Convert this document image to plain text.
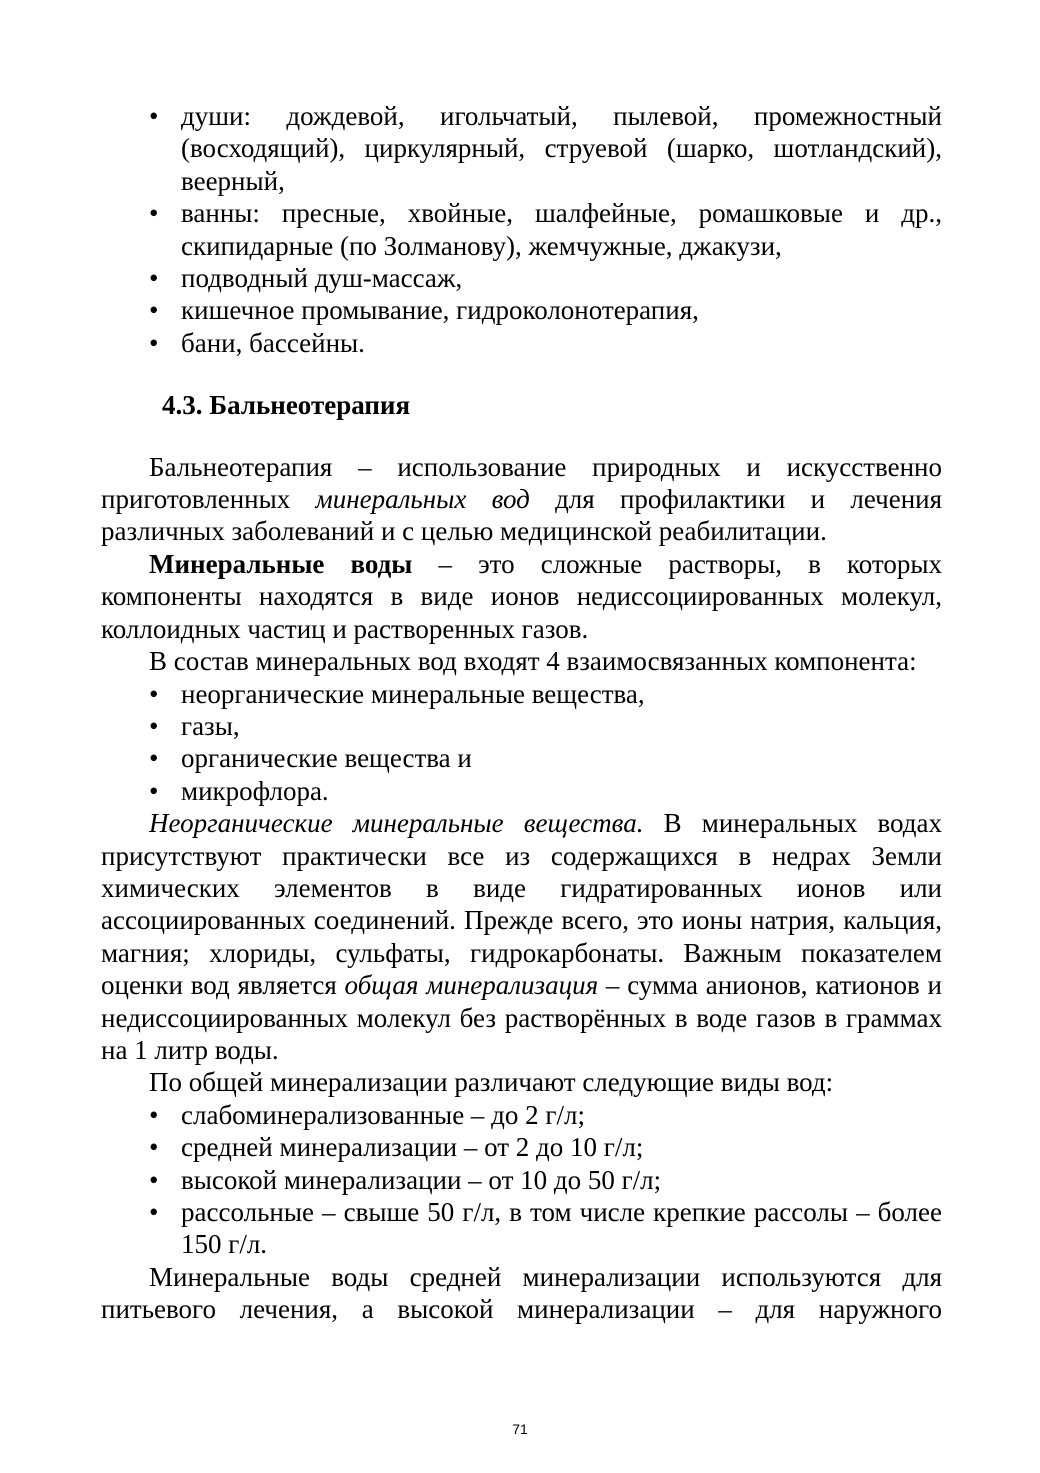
• души: дождевой, игольчатый, пылевой, промежностный (восходящий), циркулярный, струевой (шарко, шотландский), веерный,
• ванны: пресные, хвойные, шалфейные, ромашковые и др., скипидарные (по Золманову), жемчужные, джакузи,
• подводный душ-массаж,
• кишечное промывание, гидроколонотерапия,
• бани, бассейны.
4.3. Бальнеотерапия

Бальнеотерапия – использование природных и искусственно приготовленных минеральных вод для профилактики и лечения различных заболеваний и с целью медицинской реабилитации.

Минеральные воды – это сложные растворы, в которых компоненты находятся в виде ионов недиссоциированных молекул, коллоидных частиц и растворенных газов.

В состав минеральных вод входят 4 взаимосвязанных компонента:

• неорганические минеральные вещества,
• газы,
• органические вещества и
• микрофлора.

Неорганические минеральные вещества. В минеральных водах присутствуют практически все из содержащихся в недрах Земли химических элементов в виде гидратированных ионов или ассоциированных соединений. Прежде всего, это ионы натрия, кальция, магния; хлориды, сульфаты, гидрокарбонаты. Важным показателем оценки вод является общая минерализация – сумма анионов, катионов и недиссоциированных молекул без растворённых в воде газов в граммах на 1 литр воды.

По общей минерализации различают следующие виды вод:

• слабоминерализованные – до 2 г/л;
• средней минерализации – от 2 до 10 г/л;
• высокой минерализации – от 10 до 50 г/л;
• рассольные – свыше 50 г/л, в том числе крепкие рассолы – более 150 г/л.

Минеральные воды средней минерализации используются для питьевого лечения, а высокой минерализации – для наружного

71
